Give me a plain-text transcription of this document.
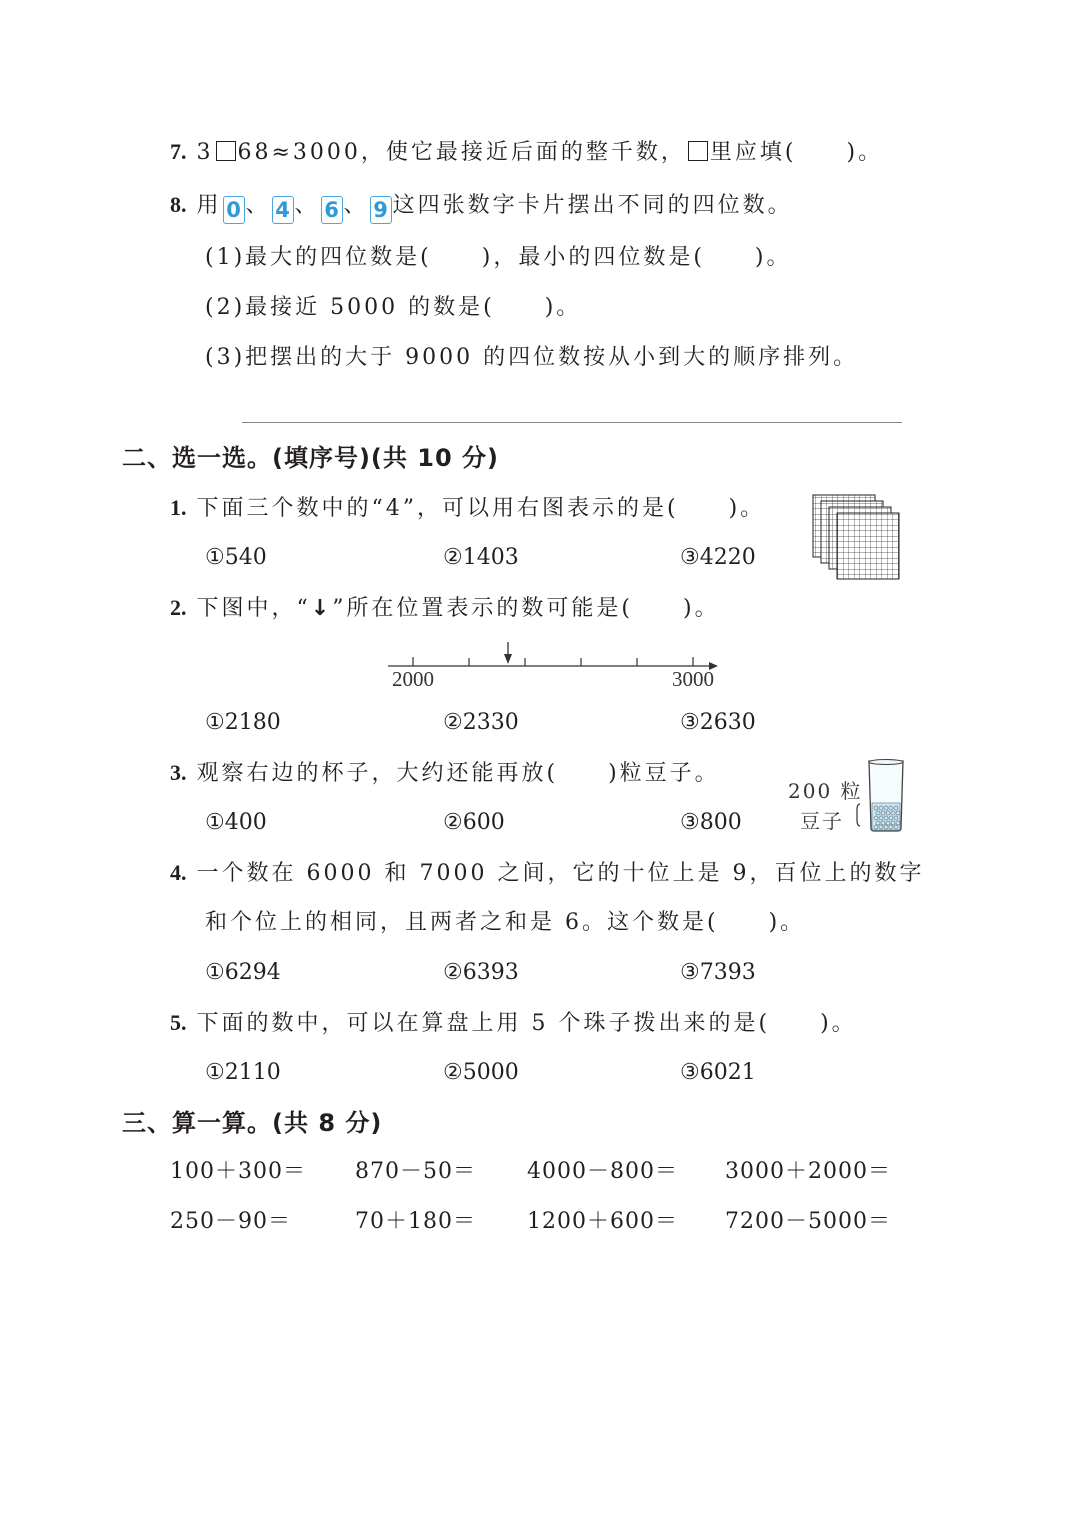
7. 3 68≈3000，使它最接近后面的整千数， 里应填(　　)。
8. 用 0 、 4 、 6 、 9 这四张数字卡片摆出不同的四位数。
(1)最大的四位数是(　　)，最小的四位数是(　　)。
(2)最接近 5000 的数是(　　)。
(3)把摆出的大于 9000 的四位数按从小到大的顺序排列。
二、选一选。(填序号)(共 10 分)
1. 下面三个数中的“4”，可以用右图表示的是(　　)。
①540	②1403	③4220
2. 下图中，“↓”所在位置表示的数可能是(　　)。
2000	3000
①2180	②2330	③2630
3. 观察右边的杯子，大约还能再放(　　)粒豆子。
①400	②600	③800
200 粒
豆子
4. 一个数在 6000 和 7000 之间，它的十位上是 9，百位上的数字
和个位上的相同，且两者之和是 6。这个数是(　　)。
①6294	②6393	③7393
5. 下面的数中，可以在算盘上用 5 个珠子拨出来的是(　　)。
①2110	②5000	③6021
三、算一算。(共 8 分)
100＋300＝ 870－50＝ 4000－800＝ 3000＋2000＝
250－90＝	70＋180＝ 1200＋600＝ 7200－5000＝
